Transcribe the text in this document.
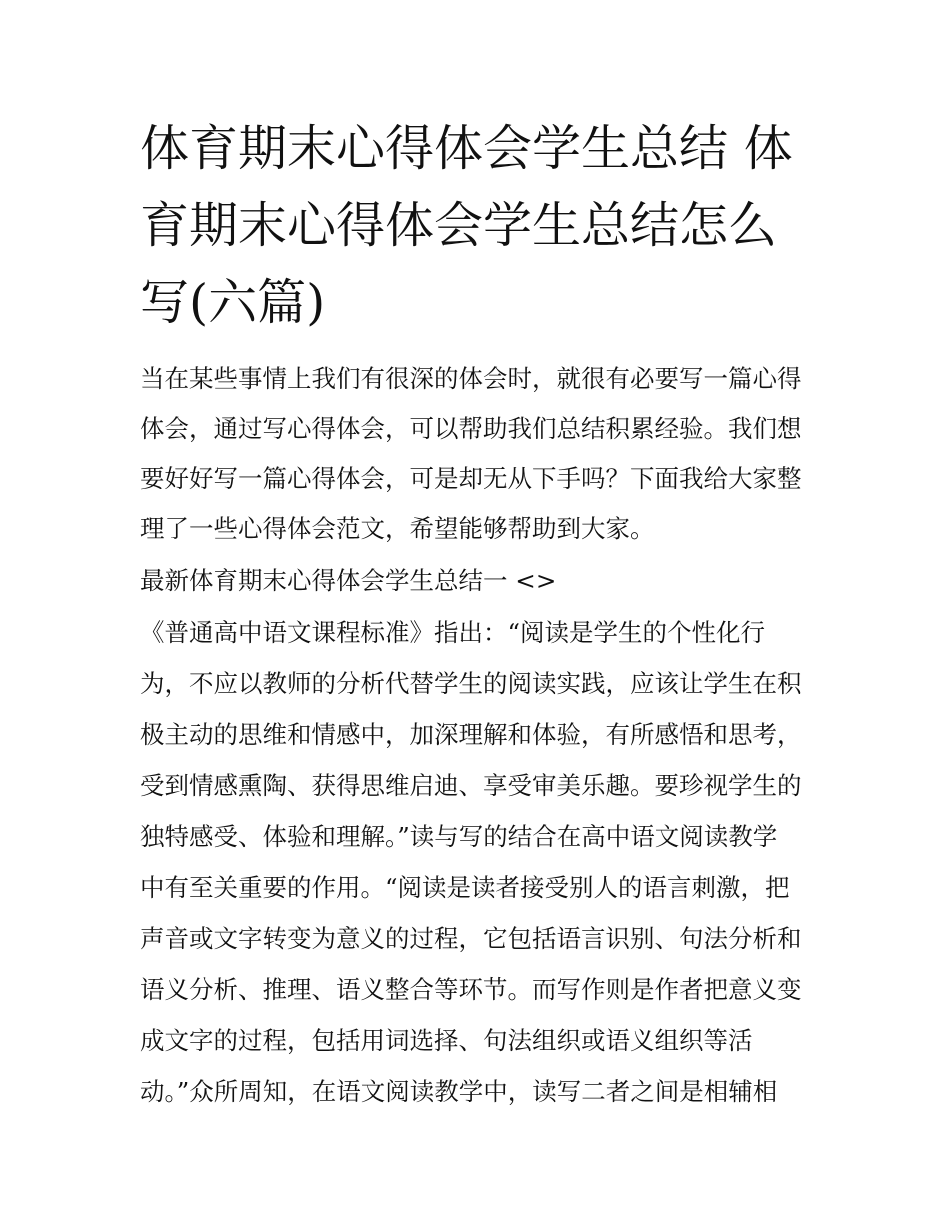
体育期末心得体会学生总结 体育期末心得体会学生总结怎么写(六篇)

当在某些事情上我们有很深的体会时，就很有必要写一篇心得

体会，通过写心得体会，可以帮助我们总结积累经验。我们想

要好好写一篇心得体会，可是却无从下手吗？下面我给大家整

理了一些心得体会范文，希望能够帮助到大家。

最新体育期末心得体会学生总结一 <>

《普通高中语文课程标准》指出：“阅读是学生的个性化行

为，不应以教师的分析代替学生的阅读实践，应该让学生在积

极主动的思维和情感中，加深理解和体验，有所感悟和思考，

受到情感熏陶、获得思维启迪、享受审美乐趣。要珍视学生的

独特感受、体验和理解。”读与写的结合在高中语文阅读教学

中有至关重要的作用。“阅读是读者接受别人的语言刺激，把

声音或文字转变为意义的过程，它包括语言识别、句法分析和

语义分析、推理、语义整合等环节。而写作则是作者把意义变

成文字的过程，包括用词选择、句法组织或语义组织等活

动。”众所周知，在语文阅读教学中，读写二者之间是相辅相
